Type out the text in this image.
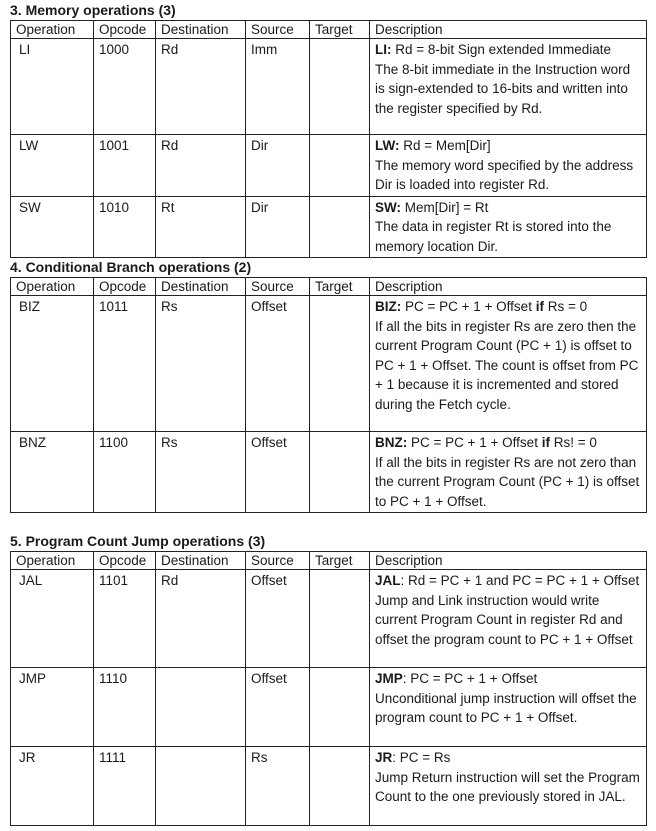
3. Memory operations (3)
Operation	Opcode	Destination	Source	Target	Description
LI	1000	Rd	Imm		LI: Rd = 8-bit Sign extended Immediate
The 8-bit immediate in the Instruction word is sign-extended to 16-bits and written into the register specified by Rd.
LW	1001	Rd	Dir		LW: Rd = Mem[Dir]
The memory word specified by the address Dir is loaded into register Rd.
SW	1010	Rt	Dir		SW: Mem[Dir] = Rt
The data in register Rt is stored into the memory location Dir.
4. Conditional Branch operations (2)
Operation	Opcode	Destination	Source	Target	Description
BIZ	1011	Rs	Offset		BIZ: PC = PC + 1 + Offset if Rs = 0
If all the bits in register Rs are zero then the current Program Count (PC + 1) is offset to PC + 1 + Offset. The count is offset from PC + 1 because it is incremented and stored during the Fetch cycle.
BNZ	1100	Rs	Offset		BNZ: PC = PC + 1 + Offset if Rs! = 0
If all the bits in register Rs are not zero than the current Program Count (PC + 1) is offset to PC + 1 + Offset.
5. Program Count Jump operations (3)
Operation	Opcode	Destination	Source	Target	Description
JAL	1101	Rd	Offset		JAL: Rd = PC + 1 and PC = PC + 1 + Offset
Jump and Link instruction would write current Program Count in register Rd and offset the program count to PC + 1 + Offset
JMP	1110		Offset		JMP: PC = PC + 1 + Offset
Unconditional jump instruction will offset the program count to PC + 1 + Offset.
JR	1111		Rs		JR: PC = Rs
Jump Return instruction will set the Program Count to the one previously stored in JAL.
